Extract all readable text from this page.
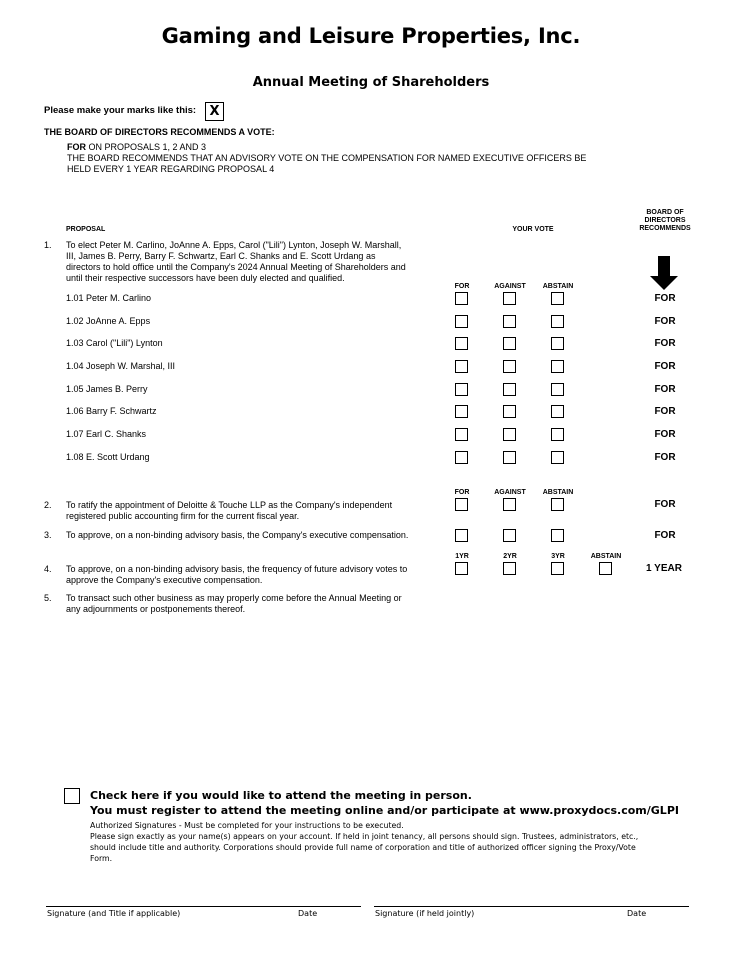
Gaming and Leisure Properties, Inc.
Annual Meeting of Shareholders
Please make your marks like this:	X
THE BOARD OF DIRECTORS RECOMMENDS A VOTE:
FOR ON PROPOSALS 1, 2 AND 3
THE BOARD RECOMMENDS THAT AN ADVISORY VOTE ON THE COMPENSATION FOR NAMED EXECUTIVE OFFICERS BE
HELD EVERY 1 YEAR REGARDING PROPOSAL 4
PROPOSAL	YOUR VOTE
BOARD OF
DIRECTORS
RECOMMENDS
1. To elect Peter M. Carlino, JoAnne A. Epps, Carol ("Lili") Lynton, Joseph W. Marshall,
III, James B. Perry, Barry F. Schwartz, Earl C. Shanks and E. Scott Urdang as
directors to hold office until the Company's 2024 Annual Meeting of Shareholders and
until their respective successors have been duly elected and qualified.
FOR	AGAINST	ABSTAIN
1.01 Peter M. Carlino	FOR
1.02 JoAnne A. Epps	FOR
1.03 Carol ("Lili") Lynton	FOR
1.04 Joseph W. Marshal, III	FOR
1.05 James B. Perry	FOR
1.06 Barry F. Schwartz	FOR
1.07 Earl C. Shanks	FOR
1.08 E. Scott Urdang	FOR
FOR	AGAINST	ABSTAIN
2. To ratify the appointment of Deloitte & Touche LLP as the Company's independent
registered public accounting firm for the current fiscal year.
FOR
3. To approve, on a non-binding advisory basis, the Company's executive compensation.	FOR
1YR	2YR	3YR	ABSTAIN
4. To approve, on a non-binding advisory basis, the frequency of future advisory votes to
approve the Company's executive compensation.
1 YEAR
5. To transact such other business as may properly come before the Annual Meeting or
any adjournments or postponements thereof.
Check here if you would like to attend the meeting in person.
You must register to attend the meeting online and/or participate at www.proxydocs.com/GLPI
Authorized Signatures - Must be completed for your instructions to be executed.
Please sign exactly as your name(s) appears on your account. If held in joint tenancy, all persons should sign. Trustees, administrators, etc.,
should include title and authority. Corporations should provide full name of corporation and title of authorized officer signing the Proxy/Vote
Form.
Signature (and Title if applicable)	Date	Signature (if held jointly)	Date
